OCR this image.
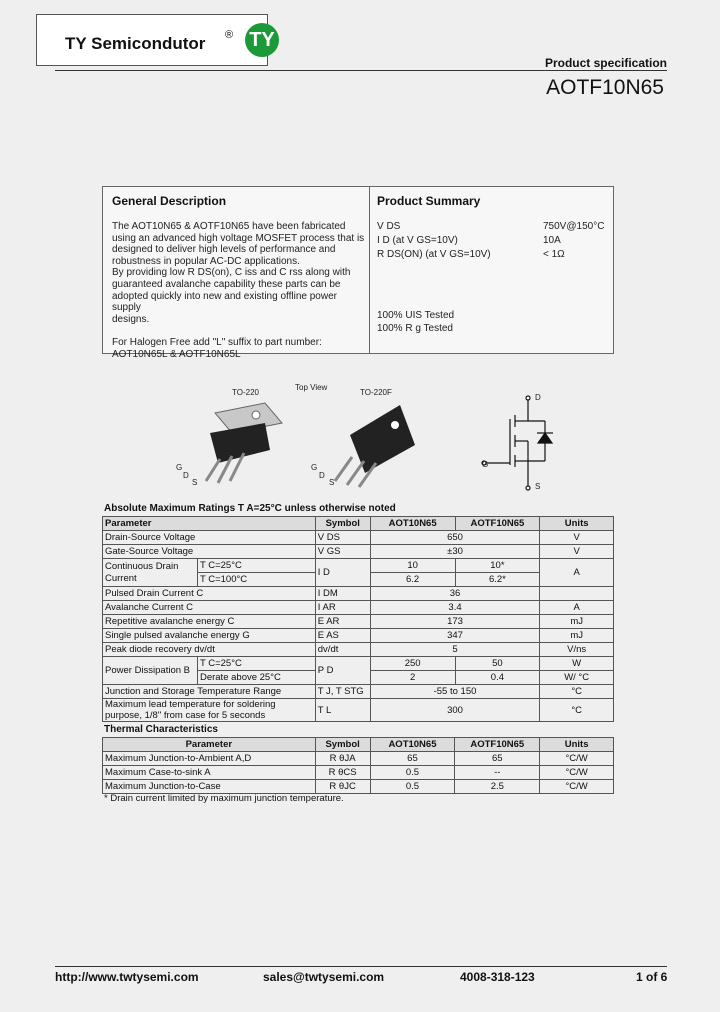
TY Semicondutor ® TY
Product specification
AOTF10N65
General Description
The AOT10N65 & AOTF10N65 have been fabricated
using an advanced high voltage MOSFET process that is
designed to deliver high levels of performance and
robustness in popular AC-DC applications.
By providing low R DS(on), C iss and C rss along with
guaranteed avalanche capability these parts can be
adopted quickly into new and existing offline power supply
designs.
For Halogen Free add "L" suffix to part number:
AOT10N65L & AOTF10N65L
Product Summary
V DS	750V@150°C
I D (at V GS=10V)	10A
R DS(ON) (at V GS=10V)	< 1Ω
100% UIS Tested
100% R g Tested
TO-220
Top View
TO-220F
G
D
S
G
D
S
D
G
S
Absolute Maximum Ratings T A=25°C unless otherwise noted
Parameter		Symbol	AOT10N65	AOTF10N65	Units
Drain-Source Voltage		V DS	650		V
Gate-Source Voltage		V GS	±30		V
Continuous Drain Current	T C=25°C	I D	10	10*	A
	T C=100°C		6.2	6.2*	
Pulsed Drain Current C		I DM	36		
Avalanche Current C		I AR	3.4		A
Repetitive avalanche energy C		E AR	173		mJ
Single pulsed avalanche energy G		E AS	347		mJ
Peak diode recovery dv/dt		dv/dt	5		V/ns
Power Dissipation B	T C=25°C	P D	250	50	W
	Derate above 25°C		2	0.4	W/ °C
Junction and Storage Temperature Range		T J, T STG	-55 to 150		°C
Maximum lead temperature for soldering purpose, 1/8" from case for 5 seconds		T L	300		°C
Thermal Characteristics
Parameter	Symbol	AOT10N65	AOTF10N65	Units
Maximum Junction-to-Ambient A,D	R θJA	65	65	°C/W
Maximum Case-to-sink A	R θCS	0.5	--	°C/W
Maximum Junction-to-Case	R θJC	0.5	2.5	°C/W
* Drain current limited by maximum junction temperature.
http://www.twtysemi.com	sales@twtysemi.com	4008-318-123	1 of 6
